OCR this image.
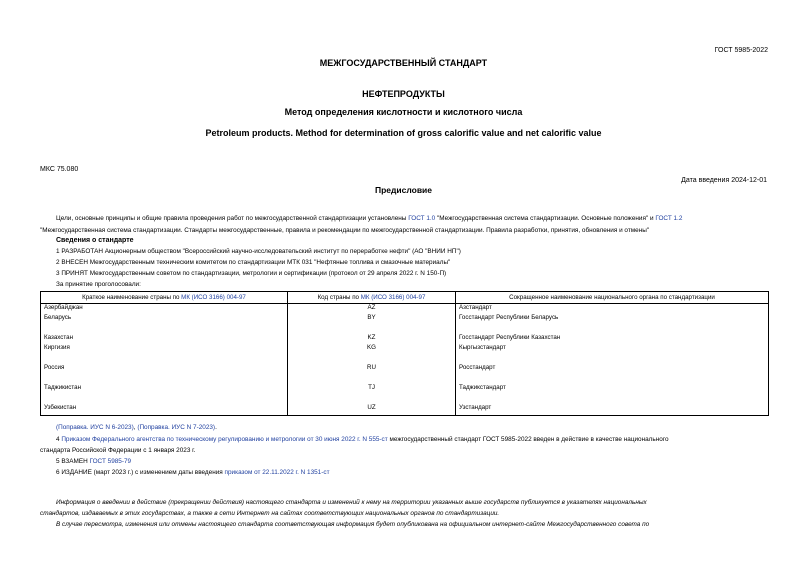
ГОСТ 5985-2022
МЕЖГОСУДАРСТВЕННЫЙ СТАНДАРТ
НЕФТЕПРОДУКТЫ
Метод определения кислотности и кислотного числа
Petroleum products. Method for determination of gross calorific value and net calorific value
МКС 75.080
Дата введения 2024-12-01
Предисловие
Цели, основные принципы и общие правила проведения работ по межгосударственной стандартизации установлены ГОСТ 1.0 "Межгосударственная система стандартизации. Основные положения" и ГОСТ 1.2
"Межгосударственная система стандартизации. Стандарты межгосударственные, правила и рекомендации по межгосударственной стандартизации. Правила разработки, принятия, обновления и отмены"
Сведения о стандарте
1 РАЗРАБОТАН Акционерным обществом "Всероссийский научно-исследовательский институт по переработке нефти" (АО "ВНИИ НП")
2 ВНЕСЕН Межгосударственным техническим комитетом по стандартизации МТК 031 "Нефтяные топлива и смазочные материалы"
3 ПРИНЯТ Межгосударственным советом по стандартизации, метрологии и сертификации (протокол от 29 апреля 2022 г. N 150-П)
За принятие проголосовали:
Краткое наименование страны по МК (ИСО 3166) 004-97	Код страны по МК (ИСО 3166) 004-97	Сокращенное наименование национального органа по стандартизации
Азербайджан	AZ	Азстандарт
Беларусь	BY	Госстандарт Республики Беларусь
Казахстан	KZ	Госстандарт Республики Казахстан
Киргизия	KG	Кыргызстандарт
Россия	RU	Росстандарт
Таджикистан	TJ	Таджикстандарт
Узбекистан	UZ	Узстандарт
(Поправка. ИУС N 6-2023), (Поправка. ИУС N 7-2023).
4 Приказом Федерального агентства по техническому регулированию и метрологии от 30 июня 2022 г. N 555-ст межгосударственный стандарт ГОСТ 5985-2022 введен в действие в качестве национального
стандарта Российской Федерации с 1 января 2023 г.
5 ВЗАМЕН ГОСТ 5985-79
6 ИЗДАНИЕ (март 2023 г.) с изменением даты введения приказом от 22.11.2022 г. N 1351-ст
Информация о введении в действие (прекращении действия) настоящего стандарта и изменений к нему на территории указанных выше государств публикуется в указателях национальных
стандартов, издаваемых в этих государствах, а также в сети Интернет на сайтах соответствующих национальных органов по стандартизации.
В случае пересмотра, изменения или отмены настоящего стандарта соответствующая информация будет опубликована на официальном интернет-сайте Межгосударственного совета по
